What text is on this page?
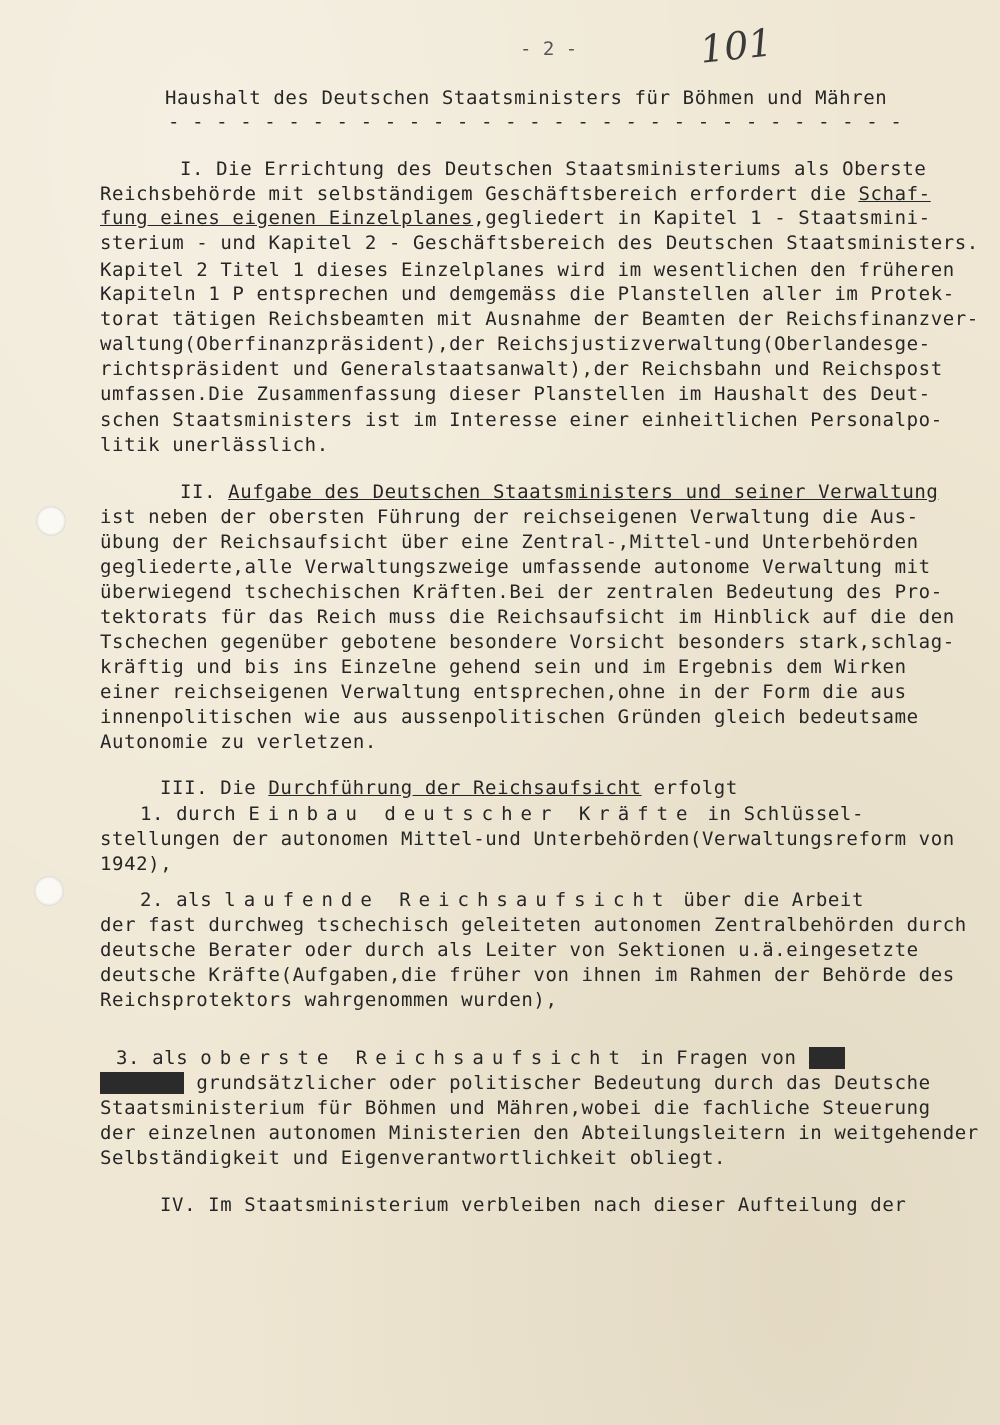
- 2 -	101
Haushalt des Deutschen Staatsministers für Böhmen und Mähren
- - - - - - - - - - - - - - - - - - - - - - - - - - - - - - -
I. Die Errichtung des Deutschen Staatsministeriums als Oberste
Reichsbehörde mit selbständigem Geschäftsbereich erfordert die Schaf-
fung eines eigenen Einzelplanes,gegliedert in Kapitel 1 - Staatsmini-
sterium - und Kapitel 2 - Geschäftsbereich des Deutschen Staatsministers.
Kapitel 2 Titel 1 dieses Einzelplanes wird im wesentlichen den früheren
Kapiteln 1 P entsprechen und demgemäss die Planstellen aller im Protek-
torat tätigen Reichsbeamten mit Ausnahme der Beamten der Reichsfinanzver-
waltung(Oberfinanzpräsident),der Reichsjustizverwaltung(Oberlandesge-
richtspräsident und Generalstaatsanwalt),der Reichsbahn und Reichspost
umfassen.Die Zusammenfassung dieser Planstellen im Haushalt des Deut-
schen Staatsministers ist im Interesse einer einheitlichen Personalpo-
litik unerlässlich.
II. Aufgabe des Deutschen Staatsministers und seiner Verwaltung
ist neben der obersten Führung der reichseigenen Verwaltung die Aus-
übung der Reichsaufsicht über eine Zentral-,Mittel-und Unterbehörden
gegliederte,alle Verwaltungszweige umfassende autonome Verwaltung mit
überwiegend tschechischen Kräften.Bei der zentralen Bedeutung des Pro-
tektorats für das Reich muss die Reichsaufsicht im Hinblick auf die den
Tschechen gegenüber gebotene besondere Vorsicht besonders stark,schlag-
kräftig und bis ins Einzelne gehend sein und im Ergebnis dem Wirken
einer reichseigenen Verwaltung entsprechen,ohne in der Form die aus
innenpolitischen wie aus aussenpolitischen Gründen gleich bedeutsame
Autonomie zu verletzen.
III. Die Durchführung der Reichsaufsicht erfolgt
1. durch Einbau deutscher Kräfte in Schlüssel-
stellungen der autonomen Mittel-und Unterbehörden(Verwaltungsreform von
1942),
2. als laufende Reichsaufsicht über die Arbeit
der fast durchweg tschechisch geleiteten autonomen Zentralbehörden durch
deutsche Berater oder durch als Leiter von Sektionen u.ä.eingesetzte
deutsche Kräfte(Aufgaben,die früher von ihnen im Rahmen der Behörde des
Reichsprotektors wahrgenommen wurden),
3. als oberste Reichsaufsicht in Fragen von XXX
XXXXXXX grundsätzlicher oder politischer Bedeutung durch das Deutsche
Staatsministerium für Böhmen und Mähren,wobei die fachliche Steuerung
der einzelnen autonomen Ministerien den Abteilungsleitern in weitgehender
Selbständigkeit und Eigenverantwortlichkeit obliegt.
IV. Im Staatsministerium verbleiben nach dieser Aufteilung der
